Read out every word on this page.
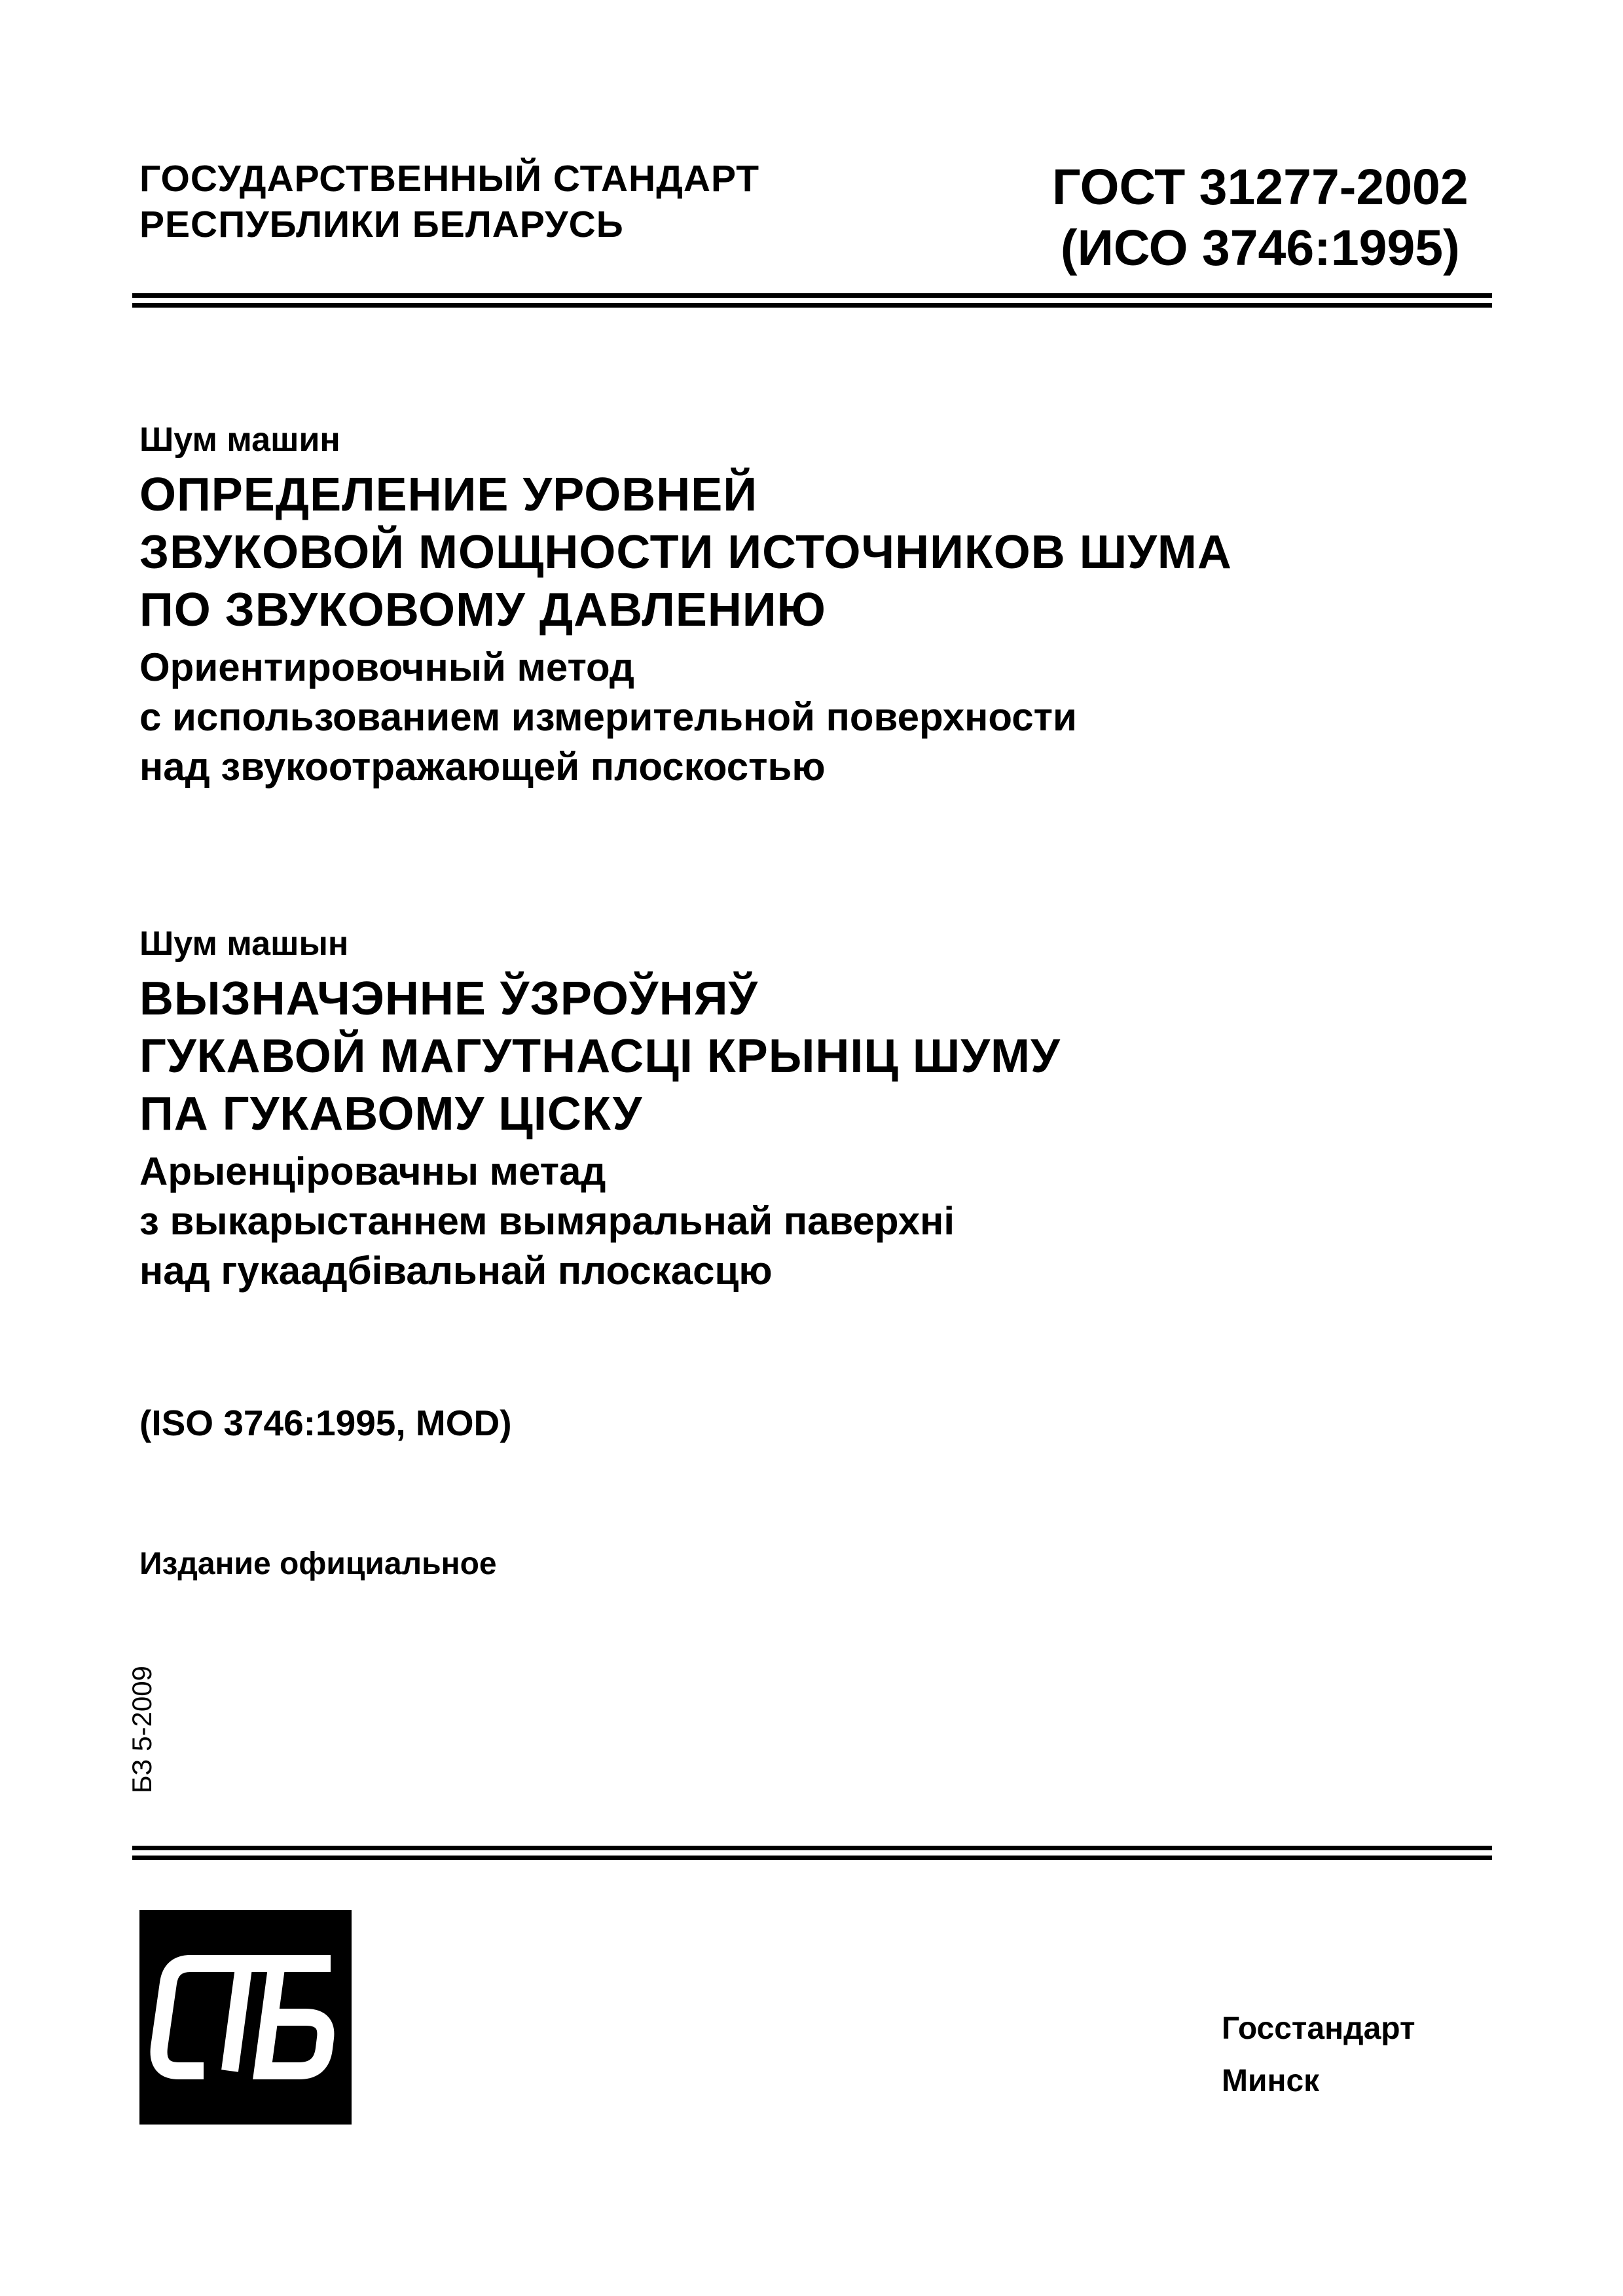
ГОСУДАРСТВЕННЫЙ СТАНДАРТ
РЕСПУБЛИКИ БЕЛАРУСЬ
ГОСТ 31277-2002
(ИСО 3746:1995)
Шум машин
ОПРЕДЕЛЕНИЕ УРОВНЕЙ
ЗВУКОВОЙ МОЩНОСТИ ИСТОЧНИКОВ ШУМА
ПО ЗВУКОВОМУ ДАВЛЕНИЮ
Ориентировочный метод
с использованием измерительной поверхности
над звукоотражающей плоскостью
Шум машын
ВЫЗНАЧЭННЕ ЎЗРОЎНЯЎ
ГУКАВОЙ МАГУТНАСЦІ КРЫНІЦ ШУМУ
ПА ГУКАВОМУ ЦІСКУ
Арыенціровачны метад
з выкарыстаннем вымяральнай паверхні
над гукаадбівальнай плоскасцю
(ISO 3746:1995, MOD)
Издание официальное
БЗ 5-2009
Госстандарт
Минск
